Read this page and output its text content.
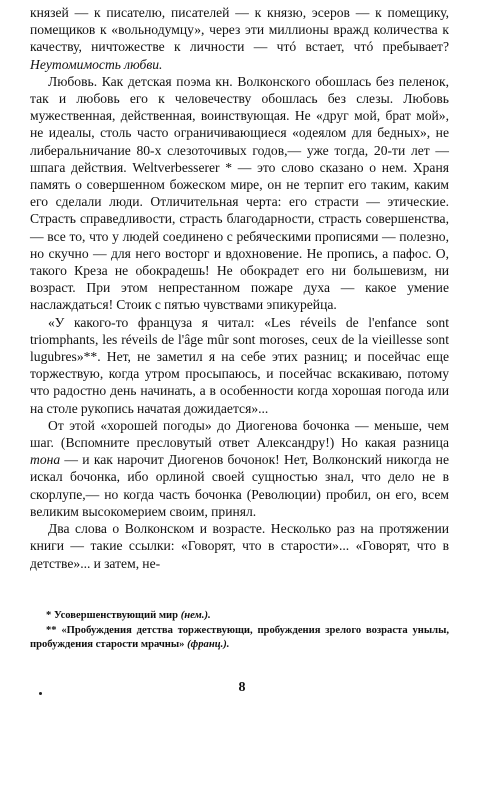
князей — к писателю, писателей — к князю, эсеров — к помещику, помещиков к «вольнодумцу», через эти миллионы вражд количества к качеству, ничтожестве к личности — чтó встает, чтó пребывает? Неутомимость любви.

Любовь. Как детская поэма кн. Волконского обошлась без пеленок, так и любовь его к человечеству обошлась без слезы. Любовь мужественная, действенная, воинствующая. Не «друг мой, брат мой», не идеалы, столь часто ограничивающиеся «одеялом для бедных», не либеральничание 80-х слезоточивых годов,— уже тогда, 20-ти лет — шпага действия. Weltverbesserer * — это слово сказано о нем. Храня память о совершенном божеском мире, он не терпит его таким, каким его сделали люди. Отличительная черта: его страсти — этические. Страсть справедливости, страсть благодарности, страсть совершенства,— все то, что у людей соединено с ребяческими прописями — полезно, но скучно — для него восторг и вдохновение. Не пропись, а пафос. О, такого Креза не обокрадешь! Не обокрадет его ни большевизм, ни возраст. При этом непрестанном пожаре духа — какое умение наслаждаться! Стоик с пятью чувствами эпикурейца.

«У какого-то француза я читал: «Les réveils de l'enfance sont triomphants, les réveils de l'âge mûr sont moroses, ceux de la vieillesse sont lugubres»**. Нет, не заметил я на себе этих разниц; и посейчас еще торжествую, когда утром просыпаюсь, и посейчас вскакиваю, потому что радостно день начинать, а в особенности когда хорошая погода или на столе рукопись начатая дожидается»...

От этой «хорошей погоды» до Диогенова бочонка — меньше, чем шаг. (Вспомните пресловутый ответ Александру!) Но какая разница тона — и как нарочит Диогенов бочонок! Нет, Волконский никогда не искал бочонка, ибо орлиной своей сущностью знал, что дело не в скорлупе,— но когда часть бочонка (Революции) пробил, он его, всем великим высокомерием своим, принял.

Два слова о Волконском и возрасте. Несколько раз на протяжении книги — такие ссылки: «Говорят, что в старости»... «Говорят, что в детстве»... и затем, не-

* Усовершенствующий мир (нем.).

** «Пробуждения детства торжествующи, пробуждения зрелого возраста унылы, пробуждения старости мрачны» (франц.).

8
